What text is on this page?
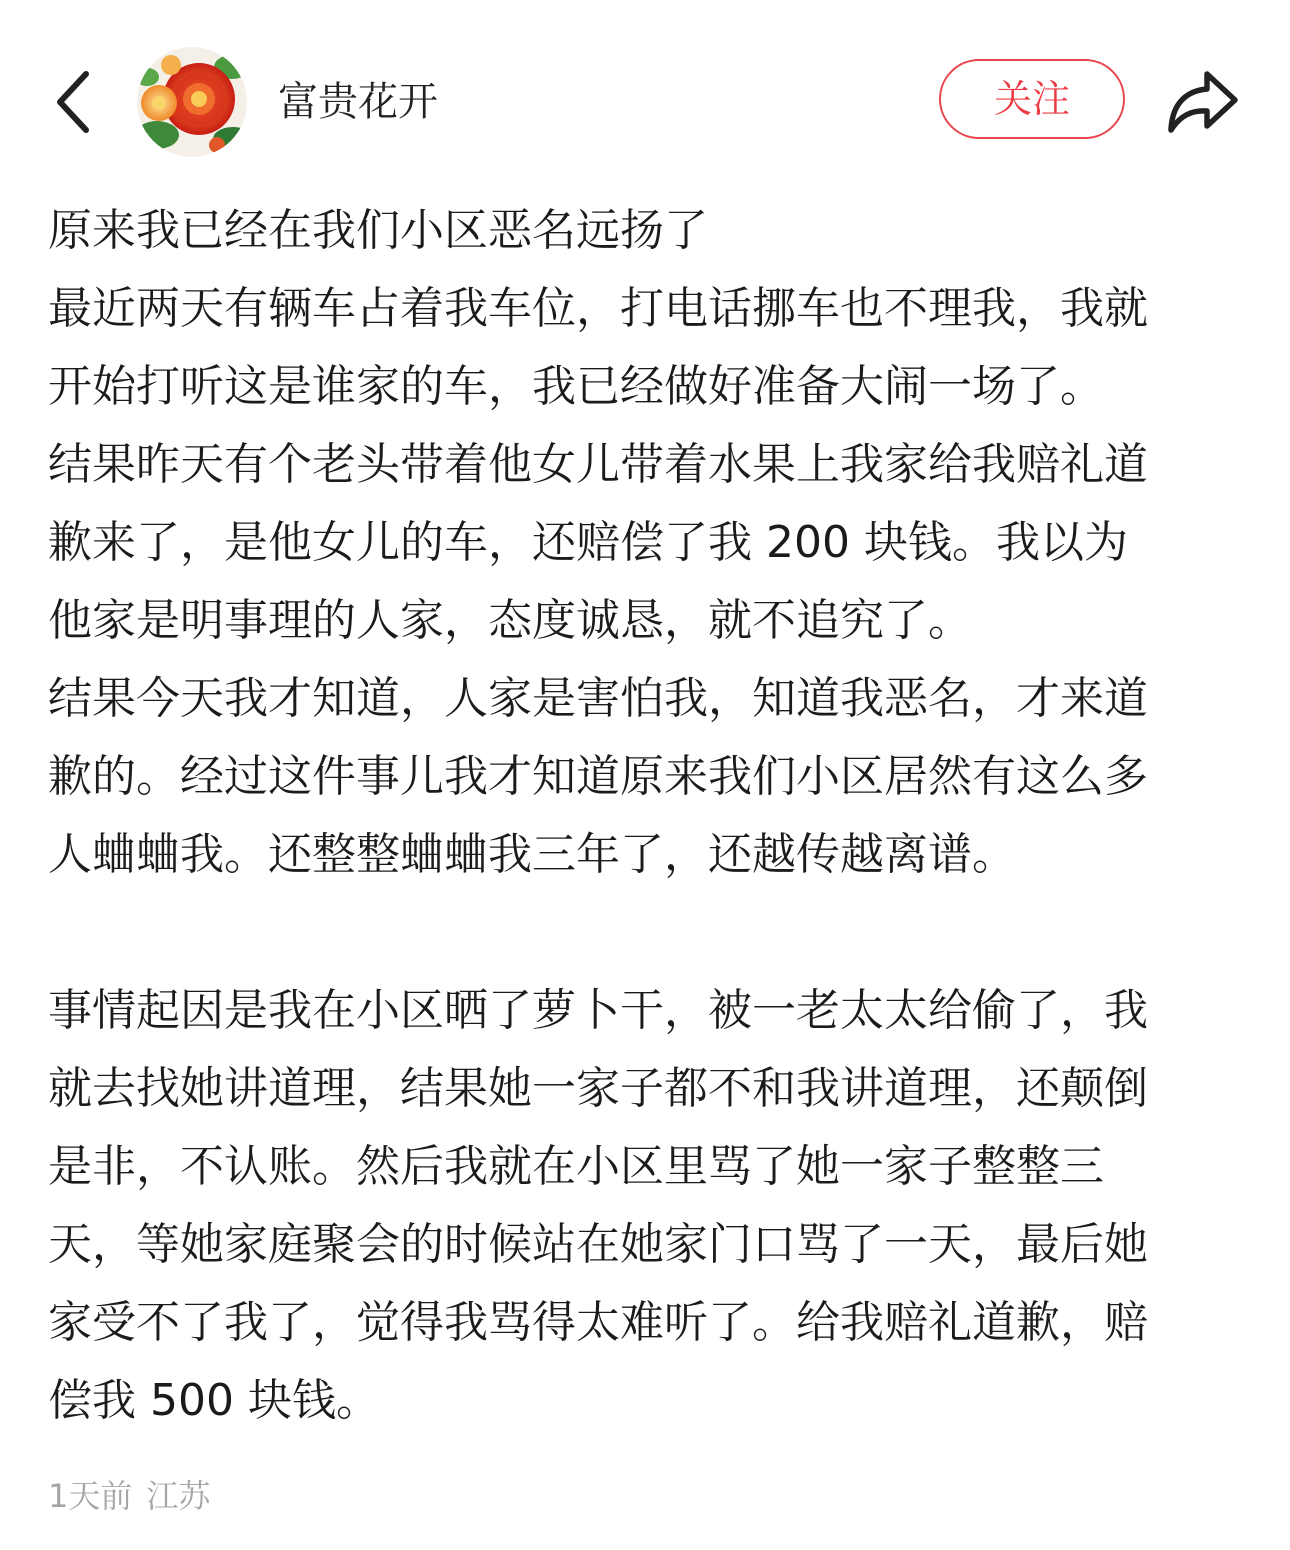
富贵花开	关注
原来我已经在我们小区恶名远扬了
最近两天有辆车占着我车位，打电话挪车也不理我，我就
开始打听这是谁家的车，我已经做好准备大闹一场了。
结果昨天有个老头带着他女儿带着水果上我家给我赔礼道
歉来了，是他女儿的车，还赔偿了我 200 块钱。我以为
他家是明事理的人家，态度诚恳，就不追究了。
结果今天我才知道，人家是害怕我，知道我恶名，才来道
歉的。经过这件事儿我才知道原来我们小区居然有这么多
人蛐蛐我。还整整蛐蛐我三年了，还越传越离谱。
事情起因是我在小区晒了萝卜干，被一老太太给偷了，我
就去找她讲道理，结果她一家子都不和我讲道理，还颠倒
是非，不认账。然后我就在小区里骂了她一家子整整三
天，等她家庭聚会的时候站在她家门口骂了一天，最后她
家受不了我了，觉得我骂得太难听了。给我赔礼道歉，赔
偿我 500 块钱。
1天前 江苏
